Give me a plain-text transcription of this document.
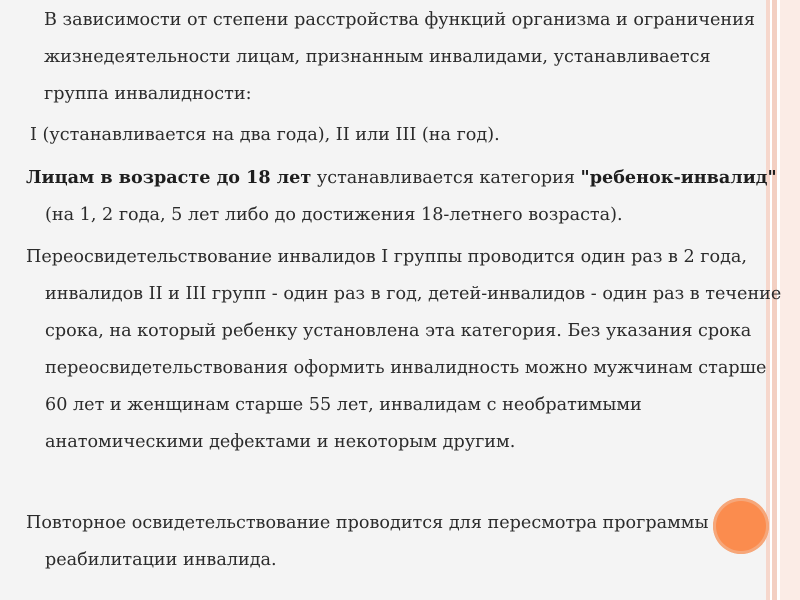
В зависимости от степени расстройства функций организма и ограничения жизнедеятельности лицам, признанным инвалидами, устанавливается группа инвалидности:

I (устанавливается на два года), II или III (на год).

Лицам в возрасте до 18 лет устанавливается категория "ребенок-инвалид" (на 1, 2 года, 5 лет либо до достижения 18-летнего возраста).

Переосвидетельствование инвалидов I группы проводится один раз в 2 года, инвалидов II и III групп - один раз в год, детей-инвалидов - один раз в течение срока, на который ребенку установлена эта категория. Без указания срока переосвидетельствования оформить инвалидность можно мужчинам старше 60 лет и женщинам старше 55 лет, инвалидам с необратимыми анатомическими дефектами и некоторым другим.

Повторное освидетельствование проводится для пересмотра программы реабилитации инвалида.
